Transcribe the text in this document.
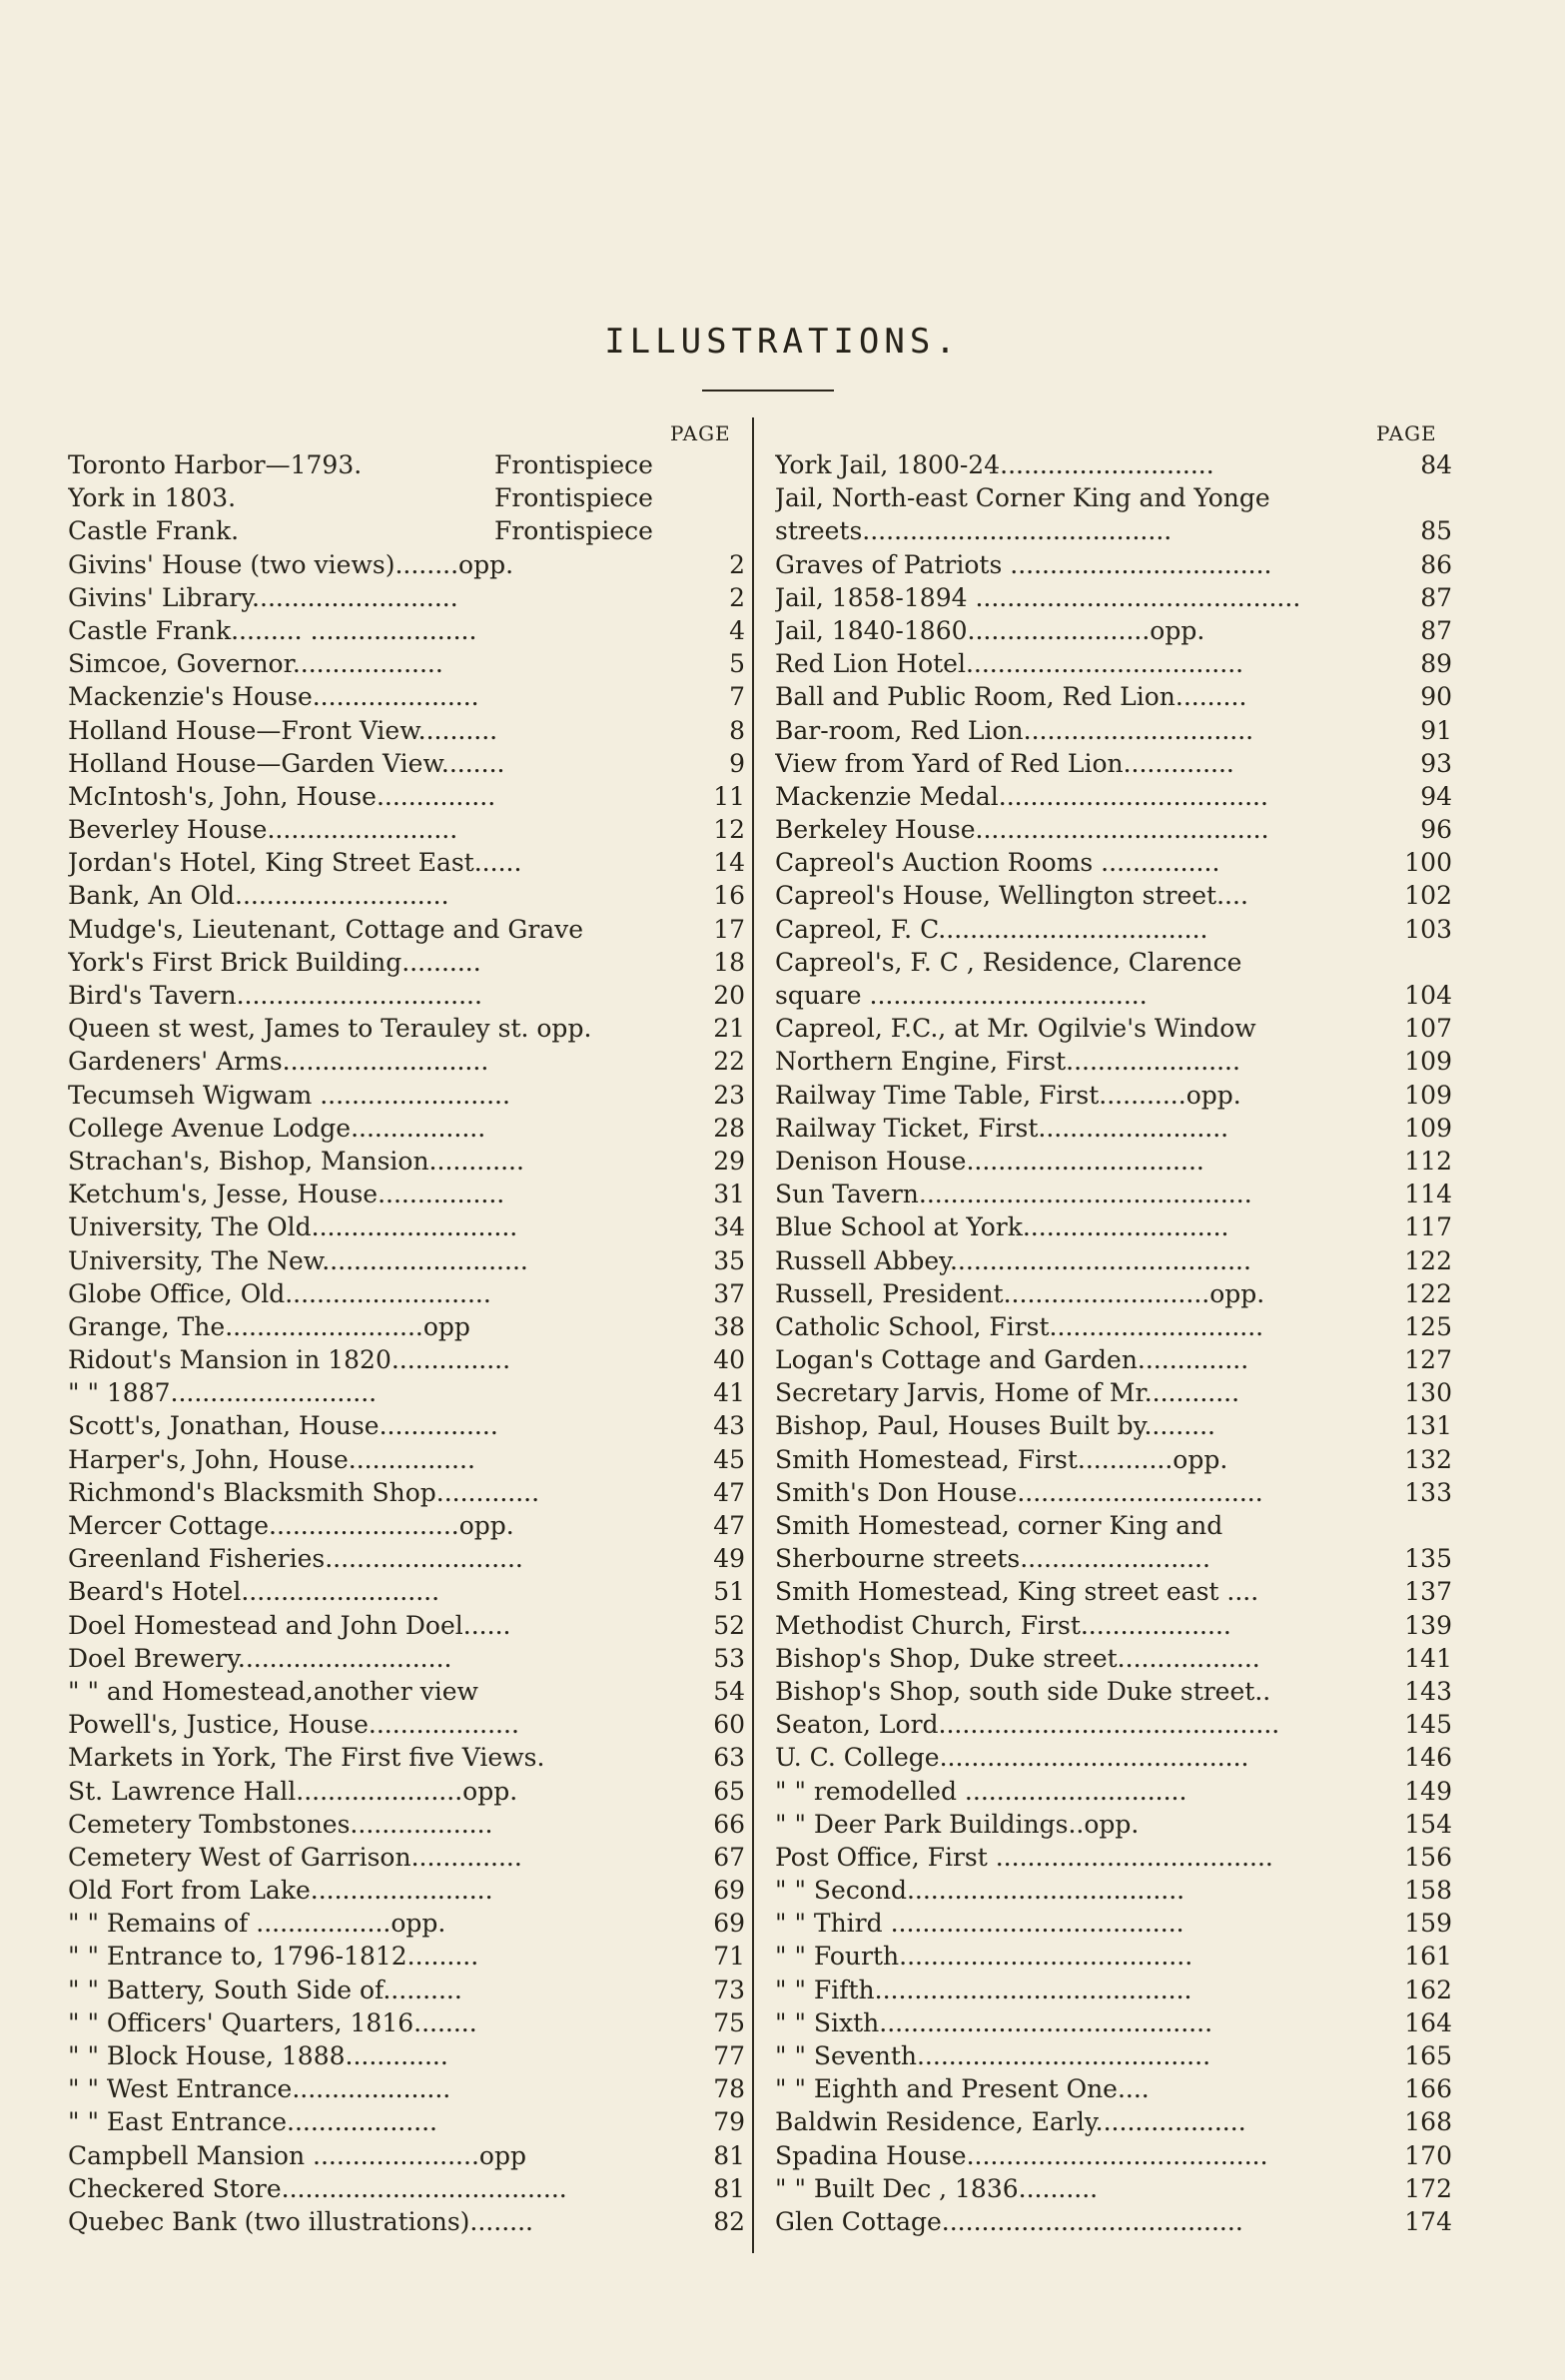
ILLUSTRATIONS.
PAGE	PAGE
Toronto Harbor—1793.	Frontispiece
York in 1803.	Frontispiece
Castle Frank.	Frontispiece
Givins' House (two views)........opp.	2
Givins' Library..........................	2
Castle Frank......... .....................	4
Simcoe, Governor...................	5
Mackenzie's House.....................	7
Holland House—Front View..........	8
Holland House—Garden View........	9
McIntosh's, John, House...............	11
Beverley House........................	12
Jordan's Hotel, King Street East......	14
Bank, An Old...........................	16
Mudge's, Lieutenant, Cottage and Grave	17
York's First Brick Building..........	18
Bird's Tavern...............................	20
Queen st west, James to Terauley st. opp.	21
Gardeners' Arms..........................	22
Tecumseh Wigwam ........................	23
College Avenue Lodge.................	28
Strachan's, Bishop, Mansion............	29
Ketchum's, Jesse, House................	31
University, The Old..........................	34
University, The New..........................	35
Globe Office, Old..........................	37
Grange, The.........................opp	38
Ridout's Mansion in 1820...............	40
" " 1887..........................	41
Scott's, Jonathan, House...............	43
Harper's, John, House................	45
Richmond's Blacksmith Shop.............	47
Mercer Cottage........................opp.	47
Greenland Fisheries.........................	49
Beard's Hotel.........................	51
Doel Homestead and John Doel......	52
Doel Brewery...........................	53
" " and Homestead,another view	54
Powell's, Justice, House...................	60
Markets in York, The First five Views.	63
St. Lawrence Hall.....................opp.	65
Cemetery Tombstones..................	66
Cemetery West of Garrison..............	67
Old Fort from Lake.......................	69
" " Remains of .................opp.	69
" " Entrance to, 1796-1812.........	71
" " Battery, South Side of..........	73
" " Officers' Quarters, 1816........	75
" " Block House, 1888.............	77
" " West Entrance....................	78
" " East Entrance...................	79
Campbell Mansion .....................opp	81
Checkered Store....................................	81
Quebec Bank (two illustrations)........	82
York Jail, 1800-24...........................	84
Jail, North-east Corner King and Yonge
streets.......................................	85
Graves of Patriots .................................	86
Jail, 1858-1894 .........................................	87
Jail, 1840-1860.......................opp.	87
Red Lion Hotel...................................	89
Ball and Public Room, Red Lion.........	90
Bar-room, Red Lion.............................	91
View from Yard of Red Lion..............	93
Mackenzie Medal..................................	94
Berkeley House.....................................	96
Capreol's Auction Rooms ...............	100
Capreol's House, Wellington street....	102
Capreol, F. C..................................	103
Capreol's, F. C , Residence, Clarence
square ...................................	104
Capreol, F.C., at Mr. Ogilvie's Window	107
Northern Engine, First......................	109
Railway Time Table, First...........opp.	109
Railway Ticket, First........................	109
Denison House..............................	112
Sun Tavern..........................................	114
Blue School at York..........................	117
Russell Abbey......................................	122
Russell, President..........................opp.	122
Catholic School, First...........................	125
Logan's Cottage and Garden..............	127
Secretary Jarvis, Home of Mr............	130
Bishop, Paul, Houses Built by.........	131
Smith Homestead, First............opp.	132
Smith's Don House...............................	133
Smith Homestead, corner King and
Sherbourne streets........................	135
Smith Homestead, King street east ....	137
Methodist Church, First...................	139
Bishop's Shop, Duke street..................	141
Bishop's Shop, south side Duke street..	143
Seaton, Lord...........................................	145
U. C. College.......................................	146
" " remodelled ............................	149
" " Deer Park Buildings..opp.	154
Post Office, First ...................................	156
" " Second...................................	158
" " Third .....................................	159
" " Fourth.....................................	161
" " Fifth........................................	162
" " Sixth..........................................	164
" " Seventh.....................................	165
" " Eighth and Present One....	166
Baldwin Residence, Early...................	168
Spadina House......................................	170
" " Built Dec , 1836..........	172
Glen Cottage......................................	174
